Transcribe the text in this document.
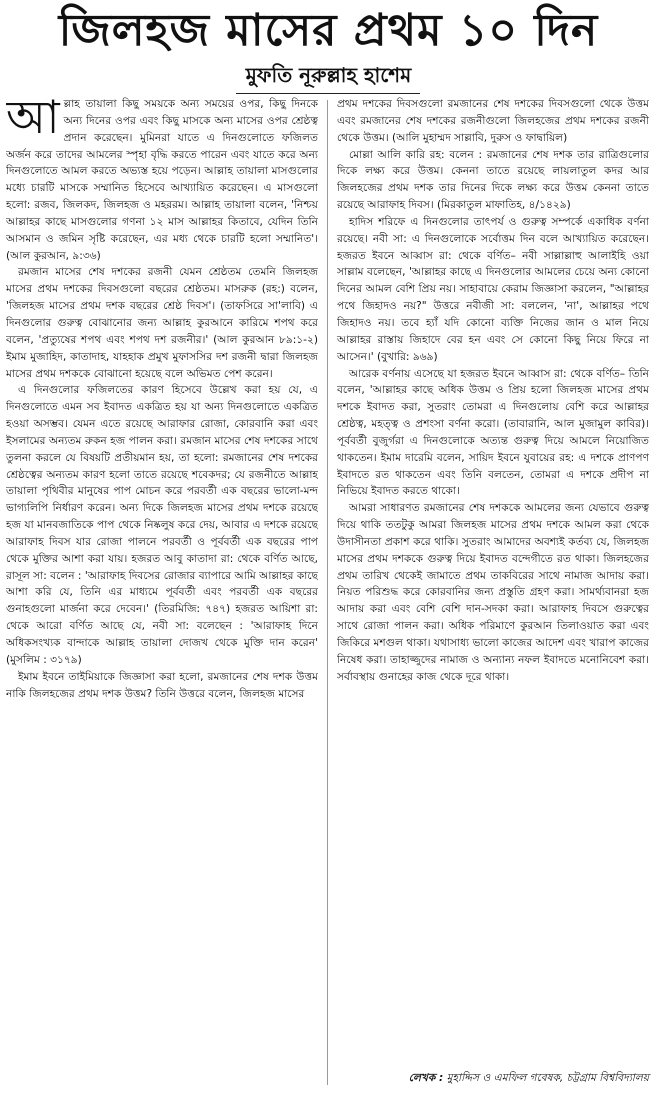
জিলহজ মাসের প্রথম ১০ দিন
মুফতি নূরুল্লাহ হাশেম

আল্লাহ তায়ালা কিছু সময়কে অন্য সময়ের ওপর, কিছু দিনকে অন্য দিনের ওপর এবং কিছু মাসকে অন্য মাসের ওপর শ্রেষ্ঠত্ব প্রদান করেছেন। মুমিনরা যাতে এ দিনগুলোতে ফজিলত অর্জন করে তাদের আমলের স্পৃহা বৃদ্ধি করতে পারেন এবং যাতে করে অন্য দিনগুলোতে আমল করতে অভ্যস্ত হয়ে পড়েন। আল্লাহ তায়ালা মাসগুলোর মধ্যে চারটি মাসকে সম্মানিত হিসেবে আখ্যায়িত করেছেন। এ মাসগুলো হলো: রজব, জিলকদ, জিলহজ ও মহররম। আল্লাহ তায়ালা বলেন, 'নিশ্চয় আল্লাহর কাছে মাসগুলোর গণনা ১২ মাস আল্লাহর কিতাবে, যেদিন তিনি আসমান ও জমিন সৃষ্টি করেছেন, এর মধ্য থেকে চারটি হলো সম্মানিত'। (আল কুরআন, ৯:৩৬)

রমজান মাসের শেষ দশকের রজনী যেমন শ্রেষ্ঠতম তেমনি জিলহজ মাসের প্রথম দশকের দিবসগুলো বছরের শ্রেষ্ঠতম। মাসরুক (রহ:) বলেন, 'জিলহজ মাসের প্রথম দশক বছরের শ্রেষ্ঠ দিবস'। (তাফসিরে সা'লাবি) এ দিনগুলোর গুরুত্ব বোঝানোর জন্য আল্লাহ কুরআনে কারিমে শপথ করে বলেন, 'প্রত্যুষের শপথ এবং শপথ দশ রজনীর।' (আল কুরআন ৮৯:১-২) ইমাম মুজাহিদ, কাতাদাহ, যাহহাক প্রমুখ মুফাসসির দশ রজনী দ্বারা জিলহজ মাসের প্রথম দশককে বোঝানো হয়েছে বলে অভিমত পেশ করেন।

এ দিনগুলোর ফজিলতের কারণ হিসেবে উল্লেখ করা হয় যে, এ দিনগুলোতে এমন সব ইবাদত একত্রিত হয় যা অন্য দিনগুলোতে একত্রিত হওয়া অসম্ভব। যেমন এতে রয়েছে আরাফার রোজা, কোরবানি করা এবং ইসলামের অন্যতম রুকন হজ পালন করা। রমজান মাসের শেষ দশকের সাথে তুলনা করলে যে বিষয়টি প্রতীয়মান হয়, তা হলো: রমজানের শেষ দশকের শ্রেষ্ঠত্বের অন্যতম কারণ হলো তাতে রয়েছে শবেকদর; যে রজনীতে আল্লাহ তায়ালা পৃথিবীর মানুষের পাপ মোচন করে পরবর্তী এক বছরের ভালো-মন্দ ভাগ্যলিপি নির্ধারণ করেন। অন্য দিকে জিলহজ মাসের প্রথম দশকে রয়েছে হজ যা মানবজাতিকে পাপ থেকে নিষ্কলুষ করে দেয়, আবার এ দশকে রয়েছে আরাফাহ দিবস যার রোজা পালনে পরবর্তী ও পূর্ববর্তী এক বছরের পাপ থেকে মুক্তির আশা করা যায়। হজরত আবু কাতাদা রা: থেকে বর্ণিত আছে, রাসূল সা: বলেন : 'আরাফাহ দিবসের রোজার ব্যাপারে আমি আল্লাহর কাছে আশা করি যে, তিনি এর মাধ্যমে পূর্ববর্তী এবং পরবর্তী এক বছরের গুনাহগুলো মার্জনা করে দেবেন।' (তিরমিজি: ৭৪৭) হজরত আয়িশা রা: থেকে আরো বর্ণিত আছে যে, নবী সা: বলেছেন : 'আরাফাহ দিনে অধিকসংখ্যক বান্দাকে আল্লাহ তায়ালা দোজখ থেকে মুক্তি দান করেন' (মুসলিম : ৩১৭৯)

ইমাম ইবনে তাইমিয়াকে জিজ্ঞাসা করা হলো, রমজানের শেষ দশক উত্তম নাকি জিলহজের প্রথম দশক উত্তম? তিনি উত্তরে বলেন, জিলহজ মাসের

প্রথম দশকের দিবসগুলো রমজানের শেষ দশকের দিবসগুলো থেকে উত্তম এবং রমজানের শেষ দশকের রজনীগুলো জিলহজের প্রথম দশকের রজনী থেকে উত্তম। (আলি মুহাম্মদ সাল্লাবি, দুরুস ও ফাদ্বায়িল)

মোল্লা আলি কারি রহ: বলেন : রমজানের শেষ দশক তার রাত্রিগুলোর দিকে লক্ষ্য করে উত্তম। কেননা তাতে রয়েছে লায়লাতুল কদর আর জিলহজের প্রথম দশক তার দিনের দিকে লক্ষ্য করে উত্তম কেননা তাতে রয়েছে আরাফাহ দিবস। (মিরকাতুল মাফাতিহ, ৪/১৪২৯)

হাদিস শরিফে এ দিনগুলোর তাৎপর্য ও গুরুত্ব সম্পর্কে একাধিক বর্ণনা রয়েছে। নবী সা: এ দিনগুলোকে সর্বোত্তম দিন বলে আখ্যায়িত করেছেন। হজরত ইবনে আব্বাস রা: থেকে বর্ণিত– নবী সাল্লাল্লাহু আলাইহি ওয়া সাল্লাম বলেছেন, 'আল্লাহর কাছে এ দিনগুলোর আমলের চেয়ে অন্য কোনো দিনের আমল বেশি প্রিয় নয়। সাহাবায়ে কেরাম জিজ্ঞাসা করলেন, "আল্লাহর পথে জিহাদও নয়?" উত্তরে নবীজী সা: বললেন, 'না', আল্লাহর পথে জিহাদও নয়। তবে হ্যাঁ যদি কোনো ব্যক্তি নিজের জান ও মাল নিয়ে আল্লাহর রাস্তায় জিহাদে বের হন এবং সে কোনো কিছু নিয়ে ফিরে না আসেন।' (বুখারি: ৯৬৯)

আরেক বর্ণনায় এসেছে যা হজরত ইবনে আব্বাস রা: থেকে বর্ণিত– তিনি বলেন, 'আল্লাহর কাছে অধিক উত্তম ও প্রিয় হলো জিলহজ মাসের প্রথম দশকে ইবাদত করা, সুতরাং তোমরা এ দিনগুলোয় বেশি করে আল্লাহর শ্রেষ্ঠত্ব, মহত্ত্ব ও প্রশংসা বর্ণনা করো। (তাবারানি, আল মুজামুল কাবির)। পূর্ববর্তী বুজুর্গরা এ দিনগুলোকে অত্যন্ত গুরুত্ব দিয়ে আমলে নিয়োজিত থাকতেন। ইমাম দারেমি বলেন, সায়িদ ইবনে যুবায়ের রহ: এ দশকে প্রাণপণ ইবাদতে রত থাকতেন এবং তিনি বলতেন, তোমরা এ দশকে প্রদীপ না নিভিয়ে ইবাদত করতে থাকো।

আমরা সাধারণত রমজানের শেষ দশককে আমলের জন্য যেভাবে গুরুত্ব দিয়ে থাকি ততটুকু আমরা জিলহজ মাসের প্রথম দশকে আমল করা থেকে উদাসীনতা প্রকাশ করে থাকি। সুতরাং আমাদের অবশ্যই কর্তব্য যে, জিলহজ মাসের প্রথম দশককে গুরুত্ব দিয়ে ইবাদত বন্দেগীতে রত থাকা। জিলহজের প্রথম তারিখ থেকেই জামাতে প্রথম তাকবিরের সাথে নামাজ আদায় করা। নিয়ত পরিশুদ্ধ করে কোরবানির জন্য প্রস্তুতি গ্রহণ করা। সামর্থ্যবানরা হজ আদায় করা এবং বেশি বেশি দান-সদকা করা। আরাফাহ দিবসে গুরুত্বের সাথে রোজা পালন করা। অধিক পরিমাণে কুরআন তিলাওয়াত করা এবং জিকিরে মশগুল থাকা। যথাসাধ্য ভালো কাজের আদেশ এবং খারাপ কাজের নিষেধ করা। তাহাজ্জুদের নামাজ ও অন্যান্য নফল ইবাদতে মনোনিবেশ করা। সর্বাবস্থায় গুনাহের কাজ থেকে দূরে থাকা।

লেখক : মুহাদ্দিস ও এমফিল গবেষক, চট্টগ্রাম বিশ্ববিদ্যালয়
